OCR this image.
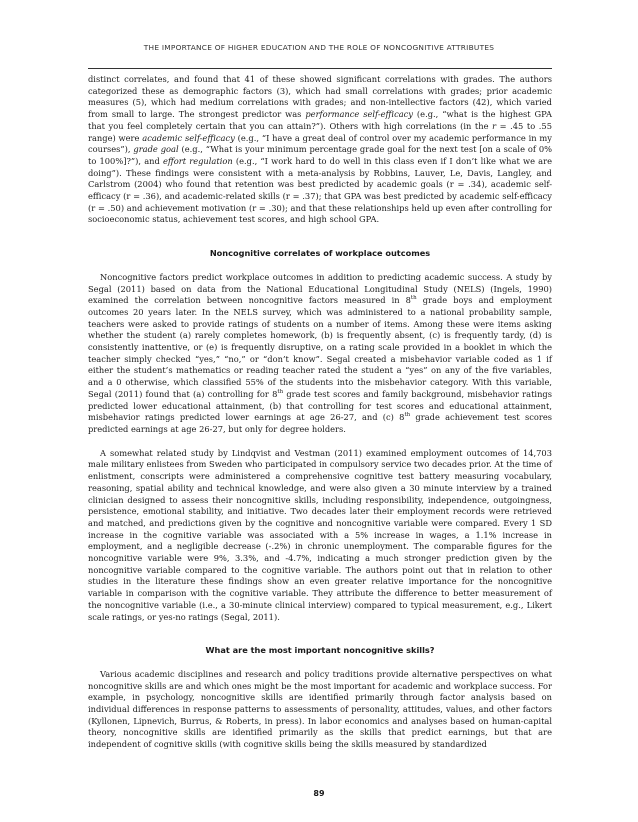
THE IMPORTANCE OF HIGHER EDUCATION AND THE ROLE OF NONCOGNITIVE ATTRIBUTES

distinct correlates, and found that 41 of these showed significant correlations with grades. The authors categorized these as demographic factors (3), which had small correlations with grades; prior academic measures (5), which had medium correlations with grades; and non-intellective factors (42), which varied from small to large. The strongest predictor was performance self-efficacy (e.g., “what is the highest GPA that you feel completely certain that you can attain?”). Others with high correlations (in the r = .45 to .55 range) were academic self-efficacy (e.g., “I have a great deal of control over my academic performance in my courses”), grade goal (e.g., “What is your minimum percentage grade goal for the next test [on a scale of 0% to 100%]?”), and effort regulation (e.g., “I work hard to do well in this class even if I don’t like what we are doing”). These findings were consistent with a meta-analysis by Robbins, Lauver, Le, Davis, Langley, and Carlstrom (2004) who found that retention was best predicted by academic goals (r = .34), academic self-efficacy (r = .36), and academic-related skills (r = .37); that GPA was best predicted by academic self-efficacy (r = .50) and achievement motivation (r = .30); and that these relationships held up even after controlling for socioeconomic status, achievement test scores, and high school GPA.

Noncognitive correlates of workplace outcomes

Noncognitive factors predict workplace outcomes in addition to predicting academic success. A study by Segal (2011) based on data from the National Educational Longitudinal Study (NELS) (Ingels, 1990) examined the correlation between noncognitive factors measured in 8th grade boys and employment outcomes 20 years later. In the NELS survey, which was administered to a national probability sample, teachers were asked to provide ratings of students on a number of items. Among these were items asking whether the student (a) rarely completes homework, (b) is frequently absent, (c) is frequently tardy, (d) is consistently inattentive, or (e) is frequently disruptive, on a rating scale provided in a booklet in which the teacher simply checked “yes,” “no,” or “don’t know”. Segal created a misbehavior variable coded as 1 if either the student’s mathematics or reading teacher rated the student a “yes” on any of the five variables, and a 0 otherwise, which classified 55% of the students into the misbehavior category. With this variable, Segal (2011) found that (a) controlling for 8th grade test scores and family background, misbehavior ratings predicted lower educational attainment, (b) that controlling for test scores and educational attainment, misbehavior ratings predicted lower earnings at age 26-27, and (c) 8th grade achievement test scores predicted earnings at age 26-27, but only for degree holders.

A somewhat related study by Lindqvist and Vestman (2011) examined employment outcomes of 14,703 male military enlistees from Sweden who participated in compulsory service two decades prior. At the time of enlistment, conscripts were administered a comprehensive cognitive test battery measuring vocabulary, reasoning, spatial ability and technical knowledge, and were also given a 30 minute interview by a trained clinician designed to assess their noncognitive skills, including responsibility, independence, outgoingness, persistence, emotional stability, and initiative. Two decades later their employment records were retrieved and matched, and predictions given by the cognitive and noncognitive variable were compared. Every 1 SD increase in the cognitive variable was associated with a 5% increase in wages, a 1.1% increase in employment, and a negligible decrease (-.2%) in chronic unemployment. The comparable figures for the noncognitive variable were 9%, 3.3%, and -4.7%, indicating a much stronger prediction given by the noncognitive variable compared to the cognitive variable. The authors point out that in relation to other studies in the literature these findings show an even greater relative importance for the noncognitive variable in comparison with the cognitive variable. They attribute the difference to better measurement of the noncognitive variable (i.e., a 30-minute clinical interview) compared to typical measurement, e.g., Likert scale ratings, or yes-no ratings (Segal, 2011).

What are the most important noncognitive skills?

Various academic disciplines and research and policy traditions provide alternative perspectives on what noncognitive skills are and which ones might be the most important for academic and workplace success. For example, in psychology, noncognitive skills are identified primarily through factor analysis based on individual differences in response patterns to assessments of personality, attitudes, values, and other factors (Kyllonen, Lipnevich, Burrus, & Roberts, in press). In labor economics and analyses based on human-capital theory, noncognitive skills are identified primarily as the skills that predict earnings, but that are independent of cognitive skills (with cognitive skills being the skills measured by standardized

89
